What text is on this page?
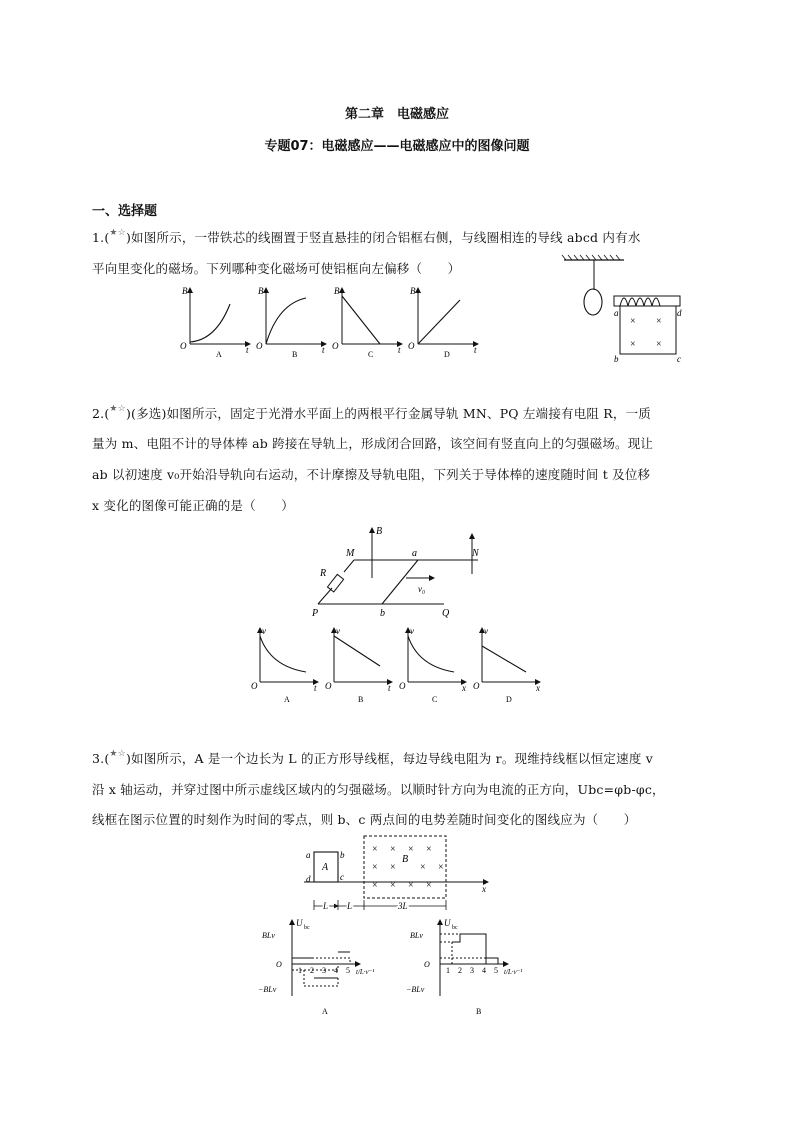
第二章　电磁感应
专题07：电磁感应——电磁感应中的图像问题
一、选择题
1.(★☆)如图所示，一带铁芯的线圈置于竖直悬挂的闭合铝框右侧，与线圈相连的导线 abcd 内有水
平向里变化的磁场。下列哪种变化磁场可使铝框向左偏移（　　）
B
O	t
A
B
O	t
B
B
O	t
C
B
O	t
D
a	d
b	c
× ×
× ×
2.(★☆)(多选)如图所示，固定于光滑水平面上的两根平行金属导轨 MN、PQ 左端接有电阻 R，一质
量为 m、电阻不计的导体棒 ab 跨接在导轨上，形成闭合回路，该空间有竖直向上的匀强磁场。现让
ab 以初速度 v₀开始沿导轨向右运动，不计摩擦及导轨电阻，下列关于导体棒的速度随时间 t 及位移
x 变化的图像可能正确的是（　　）
B
M	N
a
R
v₀
P	b	Q
v
O	t
A
v
O	t
B
v
O	x
C
v
O	x
D
3.(★☆)如图所示，A 是一个边长为 L 的正方形导线框，每边导线电阻为 r。现维持线框以恒定速度 v
沿 x 轴运动，并穿过图中所示虚线区域内的匀强磁场。以顺时针方向为电流的正方向，Ubc=φb-φc，
线框在图示位置的时刻作为时间的零点，则 b、c 两点间的电势差随时间变化的图线应为（　　）
a
d
b
c
A
B
x
× × × ×
×	× ×
×
× × × ×
L L	3L
U bc
BLv
O
−BLv
1 2 3 4 5 t/L·v⁻¹
A
U bc
BLv
O
−BLv
1 2 3 4 5 t/L·v⁻¹
B
